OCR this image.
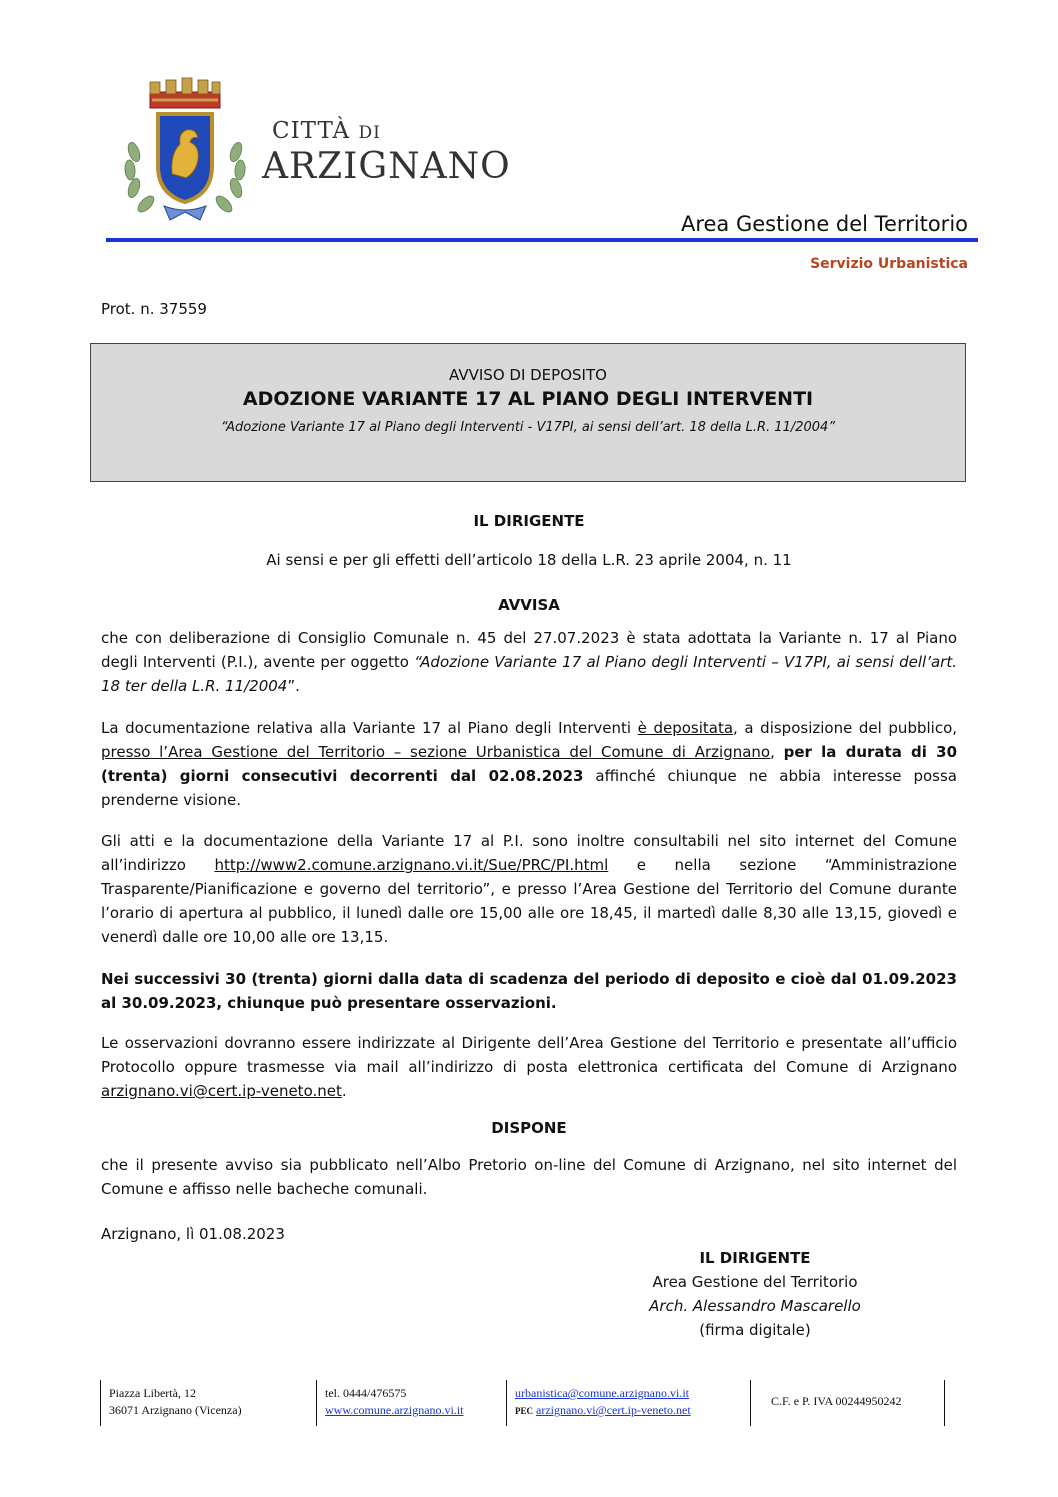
CITTÀ DI
ARZIGNANO
Area Gestione del Territorio
Servizio Urbanistica
Prot. n. 37559
AVVISO DI DEPOSITO
ADOZIONE VARIANTE 17 AL PIANO DEGLI INTERVENTI
“Adozione Variante 17 al Piano degli Interventi - V17PI, ai sensi dell’art. 18 della L.R. 11/2004”
IL DIRIGENTE
Ai sensi e per gli effetti dell’articolo 18 della L.R. 23 aprile 2004, n. 11
AVVISA
che con deliberazione di Consiglio Comunale n. 45 del 27.07.2023 è stata adottata la Variante n. 17 al Piano degli Interventi (P.I.), avente per oggetto “Adozione Variante 17 al Piano degli Interventi – V17PI, ai sensi dell’art. 18 ter della L.R. 11/2004”.
La documentazione relativa alla Variante 17 al Piano degli Interventi è depositata, a disposizione del pubblico, presso l’Area Gestione del Territorio – sezione Urbanistica del Comune di Arzignano, per la durata di 30 (trenta) giorni consecutivi decorrenti dal 02.08.2023 affinché chiunque ne abbia interesse possa prenderne visione.
Gli atti e la documentazione della Variante 17 al P.I. sono inoltre consultabili nel sito internet del Comune all’indirizzo http://www2.comune.arzignano.vi.it/Sue/PRC/PI.html e nella sezione “Amministrazione Trasparente/Pianificazione e governo del territorio”, e presso l’Area Gestione del Territorio del Comune durante l’orario di apertura al pubblico, il lunedì dalle ore 15,00 alle ore 18,45, il martedì dalle 8,30 alle 13,15, giovedì e venerdì dalle ore 10,00 alle ore 13,15.
Nei successivi 30 (trenta) giorni dalla data di scadenza del periodo di deposito e cioè dal 01.09.2023 al 30.09.2023, chiunque può presentare osservazioni.
Le osservazioni dovranno essere indirizzate al Dirigente dell’Area Gestione del Territorio e presentate all’ufficio Protocollo oppure trasmesse via mail all’indirizzo di posta elettronica certificata del Comune di Arzignano arzignano.vi@cert.ip-veneto.net.
DISPONE
che il presente avviso sia pubblicato nell’Albo Pretorio on-line del Comune di Arzignano, nel sito internet del Comune e affisso nelle bacheche comunali.
Arzignano, lì 01.08.2023
IL DIRIGENTE
Area Gestione del Territorio
Arch. Alessandro Mascarello
(firma digitale)
Piazza Libertà, 12
36071 Arzignano (Vicenza)
tel. 0444/476575
www.comune.arzignano.vi.it
urbanistica@comune.arzignano.vi.it
PEC arzignano.vi@cert.ip-veneto.net
C.F. e P. IVA 00244950242
